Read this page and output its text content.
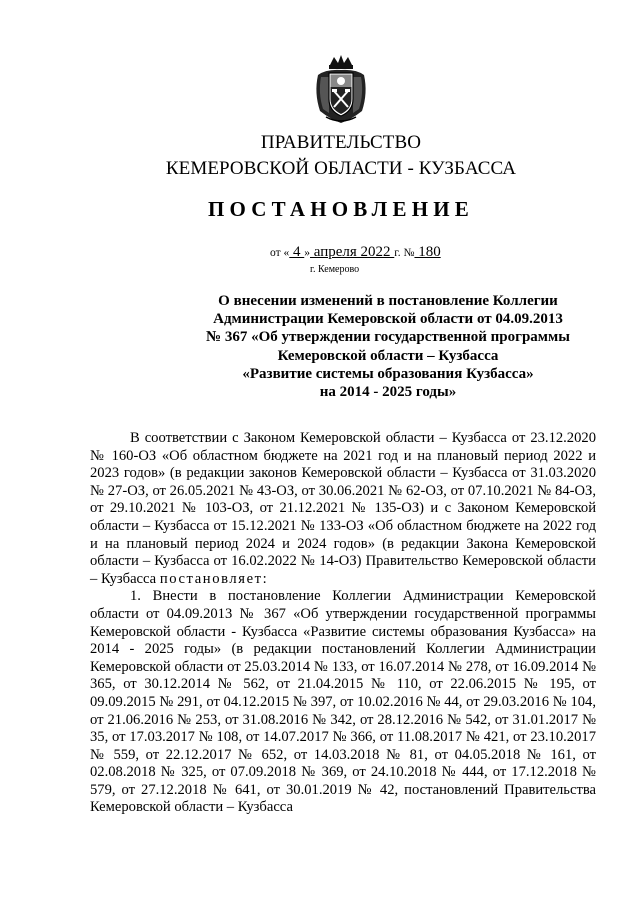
ПРАВИТЕЛЬСТВО
КЕМЕРОВСКОЙ ОБЛАСТИ - КУЗБАССА
ПОСТАНОВЛЕНИЕ
от « 4 » апреля 2022 г. № 180
г. Кемерово
О внесении изменений в постановление Коллегии
Администрации Кемеровской области от 04.09.2013
№ 367 «Об утверждении государственной программы
Кемеровской области – Кузбасса
«Развитие системы образования Кузбасса»
на 2014 - 2025 годы»

В соответствии с Законом Кемеровской области – Кузбасса от 23.12.2020 № 160-ОЗ «Об областном бюджете на 2021 год и на плановый период 2022 и 2023 годов» (в редакции законов Кемеровской области – Кузбасса от 31.03.2020 № 27-ОЗ, от 26.05.2021 № 43-ОЗ, от 30.06.2021 № 62-ОЗ, от 07.10.2021 № 84-ОЗ, от 29.10.2021 № 103-ОЗ, от 21.12.2021 № 135-ОЗ) и с Законом Кемеровской области – Кузбасса от 15.12.2021 № 133-ОЗ «Об областном бюджете на 2022 год и на плановый период 2024 и 2024 годов» (в редакции Закона Кемеровской области – Кузбасса от 16.02.2022 № 14-ОЗ) Правительство Кемеровской области – Кузбасса постановляет:

1. Внести в постановление Коллегии Администрации Кемеровской области от 04.09.2013 № 367 «Об утверждении государственной программы Кемеровской области - Кузбасса «Развитие системы образования Кузбасса» на 2014 - 2025 годы» (в редакции постановлений Коллегии Администрации Кемеровской области от 25.03.2014 № 133, от 16.07.2014 № 278, от 16.09.2014 № 365, от 30.12.2014 № 562, от 21.04.2015 № 110, от 22.06.2015 № 195, от 09.09.2015 № 291, от 04.12.2015 № 397, от 10.02.2016 № 44, от 29.03.2016 № 104, от 21.06.2016 № 253, от 31.08.2016 № 342, от 28.12.2016 № 542, от 31.01.2017 № 35, от 17.03.2017 № 108, от 14.07.2017 № 366, от 11.08.2017 № 421, от 23.10.2017 № 559, от 22.12.2017 № 652, от 14.03.2018 № 81, от 04.05.2018 № 161, от 02.08.2018 № 325, от 07.09.2018 № 369, от 24.10.2018 № 444, от 17.12.2018 № 579, от 27.12.2018 № 641, от 30.01.2019 № 42, постановлений Правительства Кемеровской области – Кузбасса
